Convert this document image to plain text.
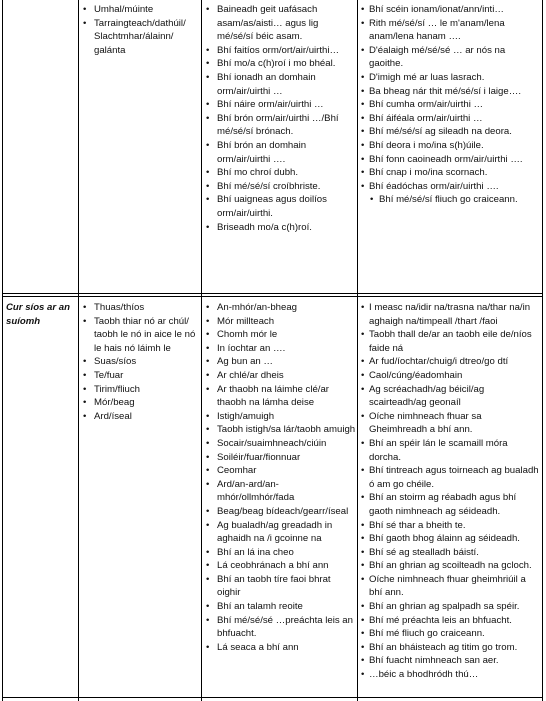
• Umhal/múinte
• Tarraingteach/dathúil/ Slachtmhar/álainn/ galánta
• Baineadh geit uafásach asam/as/aisti… agus lig mé/sé/sí béic asam.
• Bhí faitíos orm/ort/air/uirthi…
• Bhí mo/a c(h)roí i mo bhéal.
• Bhí ionadh an domhain orm/air/uirthi …
• Bhí náire orm/air/uirthi …
• Bhí brón orm/air/uirthi …/Bhí mé/sé/sí brónach.
• Bhí brón an domhain orm/air/uirthi ….
• Bhí mo chroí dubh.
• Bhí mé/sé/sí croíbhriste.
• Bhí uaigneas agus doilíos orm/air/uirthi.
• Briseadh mo/a c(h)roí.
• Bhí scéin ionam/ionat/ann/inti…
• Rith mé/sé/sí … le m'anam/lena anam/lena hanam ….
• D'éalaigh mé/sé/sé … ar nós na gaoithe.
• D'imigh mé ar luas lasrach.
• Ba bheag nár thit mé/sé/sí i laige….
• Bhí cumha orm/air/uirthi …
• Bhí áiféala orm/air/uirthi …
• Bhí mé/sé/sí ag sileadh na deora.
• Bhí deora i mo/ina s(h)úile.
• Bhí fonn caoineadh orm/air/uirthi ….
• Bhí cnap i mo/ina scornach.
• Bhí éadóchas orm/air/uirthi ….
• Bhí mé/sé/sí fliuch go craiceann.
Cur síos ar an suíomh
• Thuas/thíos
• Taobh thiar nó ar chúl/ taobh le nó in aice le nó le hais nó láimh le
• Suas/síos
• Te/fuar
• Tirim/fliuch
• Mór/beag
• Ard/íseal
• An-mhór/an-bheag
• Mór millteach
• Chomh mór le
• In íochtar an ….
• Ag bun an …
• Ar chlé/ar dheis
• Ar thaobh na láimhe clé/ar thaobh na lámha deise
• Istigh/amuigh
• Taobh istigh/sa lár/taobh amuigh
• Socair/suaimhneach/ciúin
• Soiléir/fuar/fionnuar
• Ceomhar
• Ard/an-ard/an-mhór/ollmhór/fada
• Beag/beag bídeach/gearr/íseal
• Ag bualadh/ag greadadh in aghaidh na /i gcoinne na
• Bhí an lá ina cheo
• Lá ceobhránach a bhí ann
• Bhí an taobh tíre faoi bhrat oighir
• Bhí an talamh reoite
• Bhí mé/sé/sé …preáchta leis an bhfuacht.
• Lá seaca a bhí ann
• I measc na/idir na/trasna na/thar na/in aghaigh na/timpeall /thart /faoi
• Taobh thall de/ar an taobh eile de/níos faide ná
• Ar fud/íochtar/chuig/i dtreo/go dtí
• Caol/cúng/éadomhain
• Ag scréachadh/ag béicil/ag scairteadh/ag geonaíl
• Oíche nimhneach fhuar sa Gheimhreadh a bhí ann.
• Bhí an spéir lán le scamaill móra dorcha.
• Bhí tintreach agus toirneach ag bualadh ó am go chéile.
• Bhí an stoirm ag réabadh agus bhí gaoth nimhneach ag séideadh.
• Bhí sé thar a bheith te.
• Bhí gaoth bhog álainn ag séideadh.
• Bhí sé ag stealladh báistí.
• Bhí an ghrian ag scoilteadh na gcloch.
• Oíche nimhneach fhuar gheimhriúil a bhí ann.
• Bhí an ghrian ag spalpadh sa spéir.
• Bhí mé préachta leis an bhfuacht.
• Bhí mé fliuch go craiceann.
• Bhí an bháisteach ag titim go trom.
• Bhí fuacht nimhneach san aer.
• …béic a bhodhródh thú…
